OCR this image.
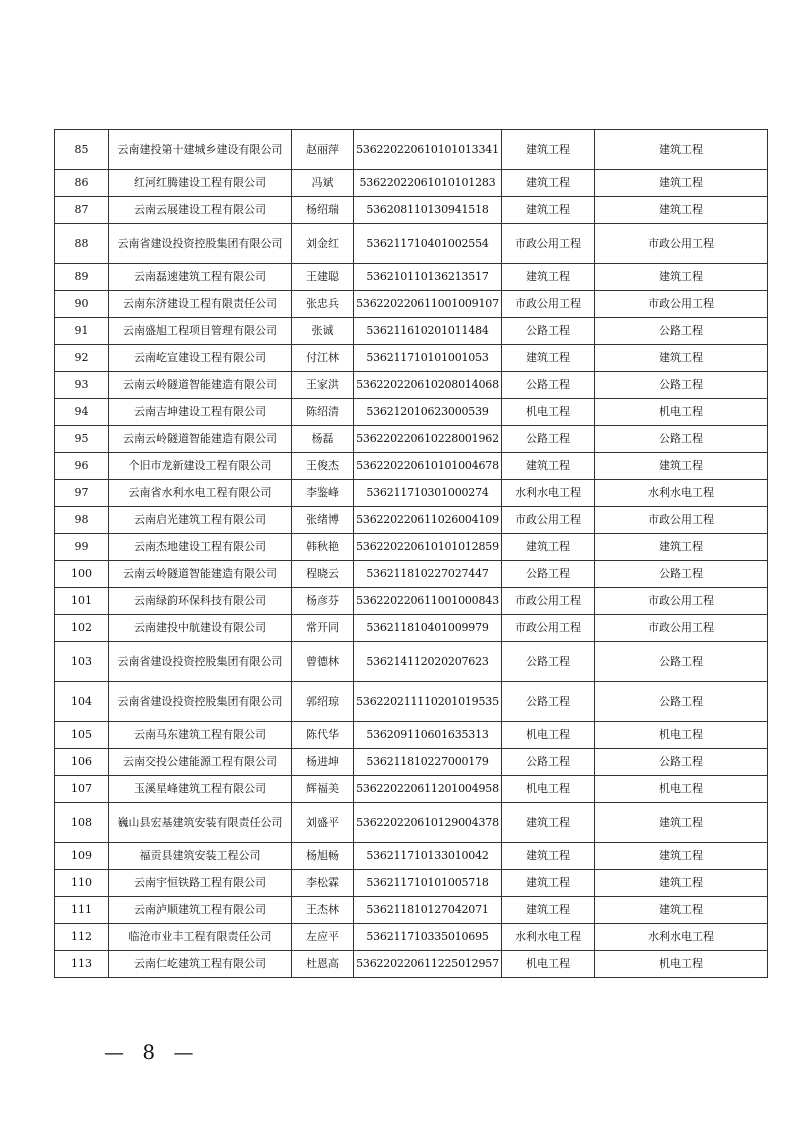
85	云南建投第十建城乡建设有限公司	赵丽萍	536220220610101013341	建筑工程	建筑工程
86	红河红腾建设工程有限公司	冯斌	53622022061010101283	建筑工程	建筑工程
87	云南云展建设工程有限公司	杨绍瑞	536208110130941518	建筑工程	建筑工程
88	云南省建设投资控股集团有限公司	刘金红	536211710401002554	市政公用工程	市政公用工程
89	云南磊速建筑工程有限公司	王建聪	536210110136213517	建筑工程	建筑工程
90	云南东济建设工程有限责任公司	张忠兵	536220220611001009107	市政公用工程	市政公用工程
91	云南盛旭工程项目管理有限公司	张诚	536211610201011484	公路工程	公路工程
92	云南屹宣建设工程有限公司	付江林	536211710101001053	建筑工程	建筑工程
93	云南云岭隧道智能建造有限公司	王家洪	536220220610208014068	公路工程	公路工程
94	云南吉坤建设工程有限公司	陈绍清	536212010623000539	机电工程	机电工程
95	云南云岭隧道智能建造有限公司	杨磊	536220220610228001962	公路工程	公路工程
96	个旧市龙新建设工程有限公司	王俊杰	536220220610101004678	建筑工程	建筑工程
97	云南省水利水电工程有限公司	李鉴峰	536211710301000274	水利水电工程	水利水电工程
98	云南启光建筑工程有限公司	张绪博	536220220611026004109	市政公用工程	市政公用工程
99	云南杰地建设工程有限公司	韩秋艳	536220220610101012859	建筑工程	建筑工程
100	云南云岭隧道智能建造有限公司	程晓云	536211810227027447	公路工程	公路工程
101	云南绿韵环保科技有限公司	杨彦芬	536220220611001000843	市政公用工程	市政公用工程
102	云南建投中航建设有限公司	常开同	536211810401009979	市政公用工程	市政公用工程
103	云南省建设投资控股集团有限公司	曾德林	536214112020207623	公路工程	公路工程
104	云南省建设投资控股集团有限公司	郭绍琼	536220211110201019535	公路工程	公路工程
105	云南马东建筑工程有限公司	陈代华	536209110601635313	机电工程	机电工程
106	云南交投公建能源工程有限公司	杨进坤	536211810227000179	公路工程	公路工程
107	玉溪星峰建筑工程有限公司	辉福美	536220220611201004958	机电工程	机电工程
108	巍山县宏基建筑安装有限责任公司	刘盛平	536220220610129004378	建筑工程	建筑工程
109	福贡县建筑安装工程公司	杨旭畅	536211710133010042	建筑工程	建筑工程
110	云南宇恒铁路工程有限公司	李松霖	536211710101005718	建筑工程	建筑工程
111	云南泸顺建筑工程有限公司	王杰林	536211810127042071	建筑工程	建筑工程
112	临沧市业丰工程有限责任公司	左应平	536211710335010695	水利水电工程	水利水电工程
113	云南仁屹建筑工程有限公司	杜恩高	536220220611225012957	机电工程	机电工程
— 8 —
